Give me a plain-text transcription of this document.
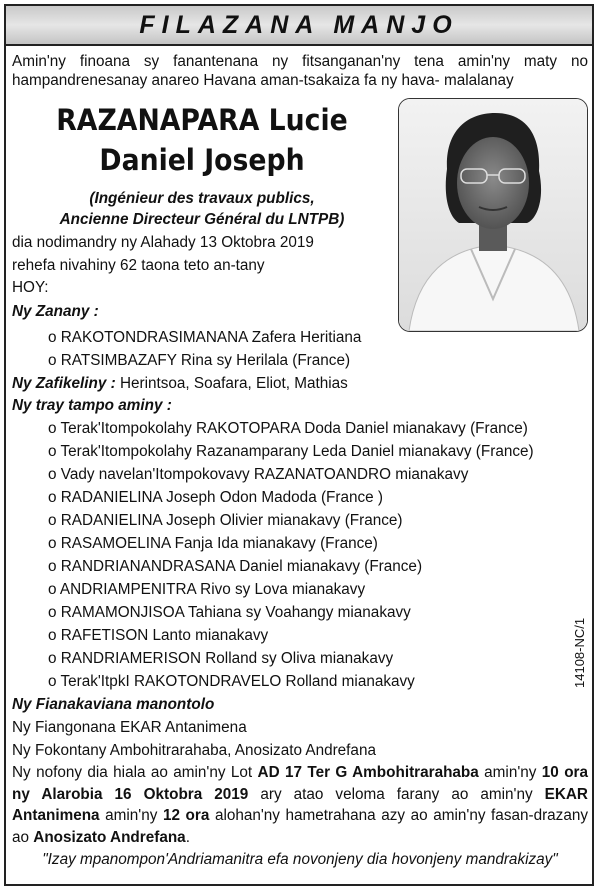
FILAZANA MANJO
Amin'ny finoana sy fanantenana ny fitsanganan'ny tena amin'ny maty no hampandrenesanay anareo Havana aman-tsakaiza fa ny hava- malalanay
RAZANAPARA Lucie
Daniel Joseph
(Ingénieur des travaux publics,
Ancienne Directeur Général du LNTPB)
dia nodimandry ny Alahady 13 Oktobra 2019
rehefa nivahiny 62 taona teto an-tany
HOY:
Ny Zanany :
o RAKOTONDRASIMANANA Zafera Heritiana
o RATSIMBAZAFY Rina sy Herilala (France)
Ny Zafikeliny : Herintsoa, Soafara, Eliot, Mathias
Ny tray tampo aminy :
o Terak'Itompokolahy RAKOTOPARA Doda Daniel mianakavy (France)
o Terak'Itompokolahy Razanamparany Leda Daniel mianakavy (France)
o Vady navelan'Itompokovavy RAZANATOANDRO mianakavy
o RADANIELINA Joseph Odon Madoda (France )
o RADANIELINA Joseph Olivier mianakavy (France)
o RASAMOELINA Fanja Ida mianakavy (France)
o RANDRIANANDRASANA Daniel mianakavy (France)
o ANDRIAMPENITRA Rivo sy Lova mianakavy
o RAMAMONJISOA Tahiana sy Voahangy mianakavy
o RAFETISON Lanto mianakavy
o RANDRIAMERISON Rolland sy Oliva mianakavy
o Terak'ItpkI RAKOTONDRAVELO Rolland mianakavy
Ny Fianakaviana manontolo
Ny Fiangonana EKAR Antanimena
Ny Fokontany Ambohitrarahaba, Anosizato Andrefana
Ny nofony dia hiala ao amin'ny Lot AD 17 Ter G Ambohitrarahaba amin'ny 10 ora ny Alarobia 16 Oktobra 2019 ary atao veloma farany ao amin'ny EKAR Antanimena amin'ny 12 ora alohan'ny hametrahana azy ao amin'ny fasan-drazany ao Anosizato Andrefana.
"Izay mpanompon'Andriamanitra efa novonjeny dia hovonjeny mandrakizay"
14108-NC/1
